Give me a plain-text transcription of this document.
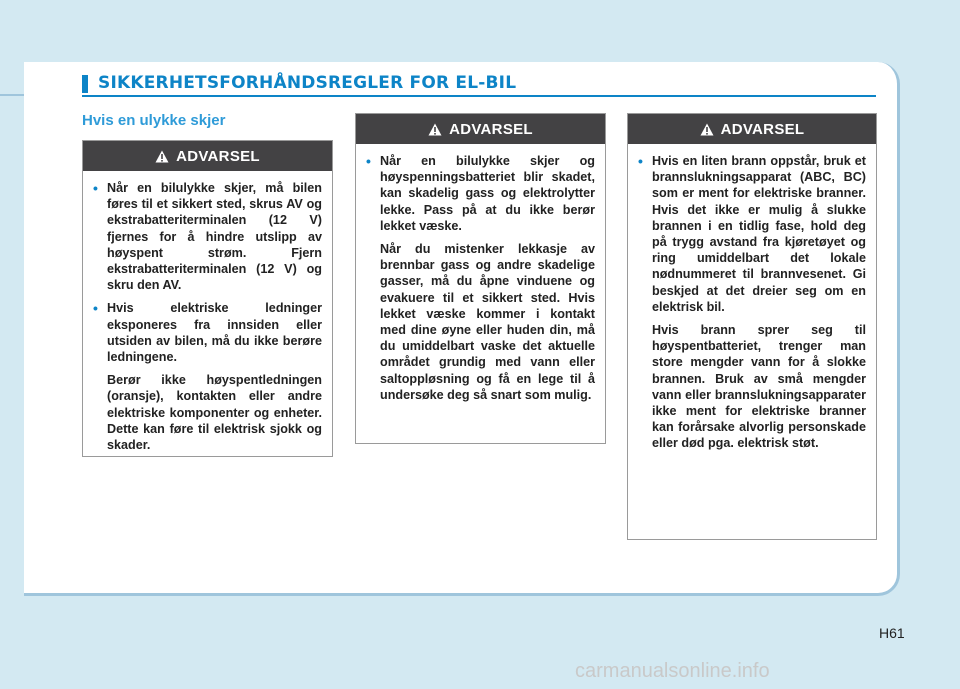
SIKKERHETSFORHÅNDSREGLER FOR EL-BIL
Hvis en ulykke skjer
ADVARSEL
• Når en bilulykke skjer, må bilen føres til et sikkert sted, skrus AV og ekstrabatteriterminalen (12 V) fjernes for å hindre utslipp av høyspent strøm. Fjern ekstrabatteriterminalen (12 V) og skru den AV.
• Hvis elektriske ledninger eksponeres fra innsiden eller utsiden av bilen, må du ikke berøre ledningene.
Berør ikke høyspentledningen (oransje), kontakten eller andre elektriske komponenter og enheter. Dette kan føre til elektrisk sjokk og skader.
ADVARSEL
• Når en bilulykke skjer og høyspenningsbatteriet blir skadet, kan skadelig gass og elektrolytter lekke. Pass på at du ikke berør lekket væske.
Når du mistenker lekkasje av brennbar gass og andre skadelige gasser, må du åpne vinduene og evakuere til et sikkert sted. Hvis lekket væske kommer i kontakt med dine øyne eller huden din, må du umiddelbart vaske det aktuelle området grundig med vann eller saltoppløsning og få en lege til å undersøke deg så snart som mulig.
ADVARSEL
• Hvis en liten brann oppstår, bruk et brannslukningsapparat (ABC, BC) som er ment for elektriske branner. Hvis det ikke er mulig å slukke brannen i en tidlig fase, hold deg på trygg avstand fra kjøretøyet og ring umiddelbart det lokale nødnummeret til brannvesenet. Gi beskjed at det dreier seg om en elektrisk bil.
Hvis brann sprer seg til høyspentbatteriet, trenger man store mengder vann for å slokke brannen. Bruk av små mengder vann eller brannslukningsapparater ikke ment for elektriske branner kan forårsake alvorlig personskade eller død pga. elektrisk støt.
H61
carmanualsonline.info
